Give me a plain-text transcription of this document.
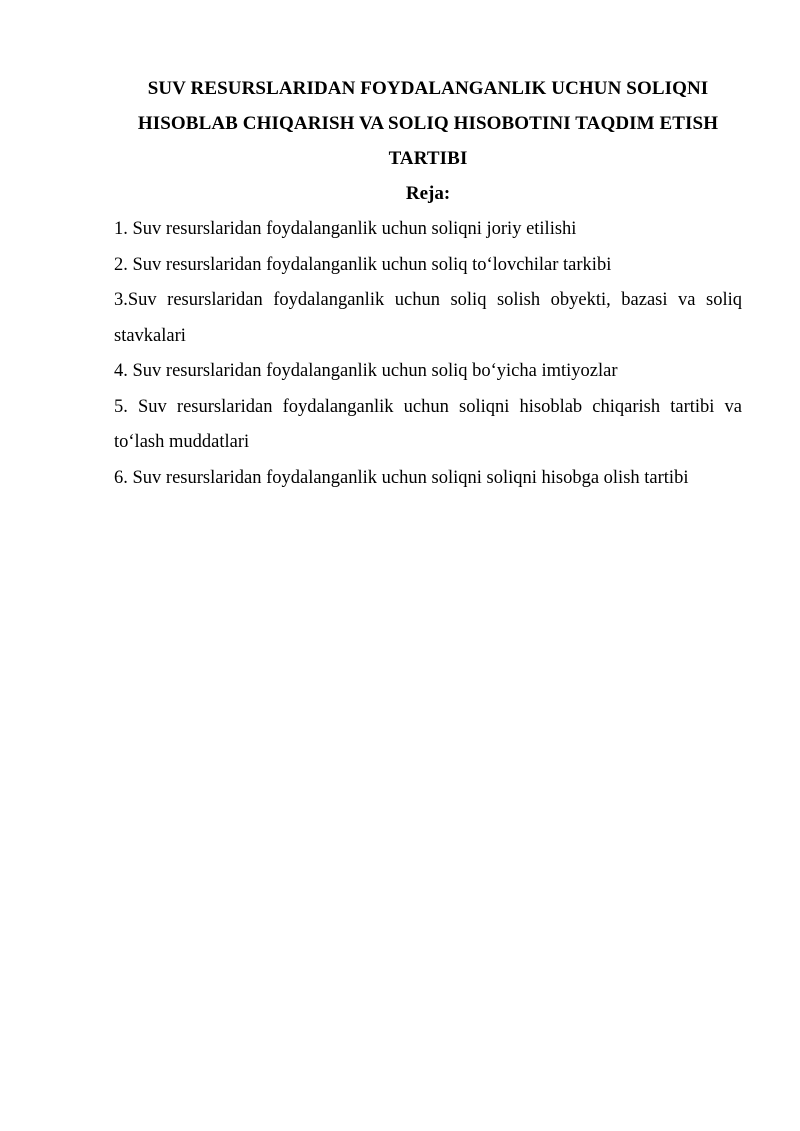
SUV RESURSLARIDAN FOYDALANGANLIK UCHUN SOLIQNI
HISOBLAB CHIQARISH VA SOLIQ HISOBOTINI TAQDIM ETISH
TARTIBI
Reja:
1. Suv resurslaridan foydalanganlik uchun soliqni joriy etilishi
2. Suv resurslaridan foydalanganlik uchun soliq to‘lovchilar tarkibi
3.Suv resurslaridan foydalanganlik uchun soliq solish obyekti, bazasi va soliq stavkalari
4. Suv resurslaridan foydalanganlik uchun soliq bo‘yicha imtiyozlar
5. Suv resurslaridan foydalanganlik uchun soliqni hisoblab chiqarish tartibi va to‘lash muddatlari
6. Suv resurslaridan foydalanganlik uchun soliqni soliqni hisobga olish tartibi
